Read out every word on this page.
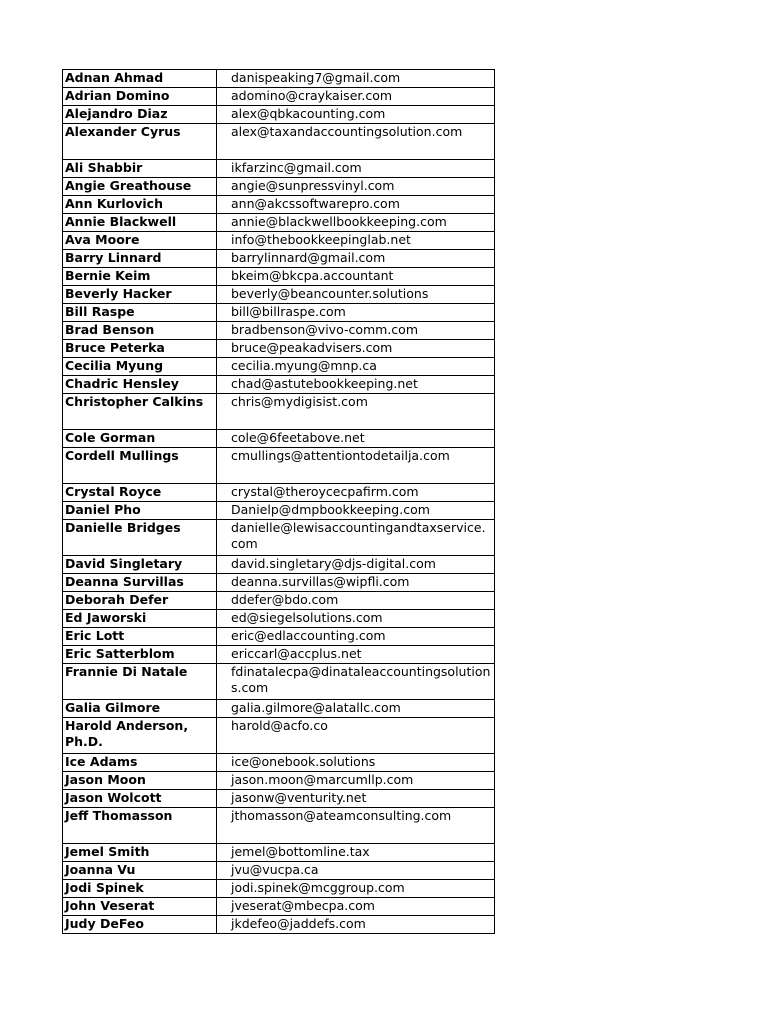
Adnan Ahmad	danispeaking7@gmail.com
Adrian Domino	adomino@craykaiser.com
Alejandro Diaz	alex@qbkacounting.com
Alexander Cyrus	alex@taxandaccountingsolution.com
Ali Shabbir	ikfarzinc@gmail.com
Angie Greathouse	angie@sunpressvinyl.com
Ann Kurlovich	ann@akcssoftwarepro.com
Annie Blackwell	annie@blackwellbookkeeping.com
Ava Moore	info@thebookkeepinglab.net
Barry Linnard	barrylinnard@gmail.com
Bernie Keim	bkeim@bkcpa.accountant
Beverly Hacker	beverly@beancounter.solutions
Bill Raspe	bill@billraspe.com
Brad Benson	bradbenson@vivo-comm.com
Bruce Peterka	bruce@peakadvisers.com
Cecilia Myung	cecilia.myung@mnp.ca
Chadric Hensley	chad@astutebookkeeping.net
Christopher Calkins	chris@mydigisist.com
Cole Gorman	cole@6feetabove.net
Cordell Mullings	cmullings@attentiontodetailja.com
Crystal Royce	crystal@theroycecpafirm.com
Daniel Pho	Danielp@dmpbookkeeping.com
Danielle Bridges	danielle@lewisaccountingandtaxservice.com
David Singletary	david.singletary@djs-digital.com
Deanna Survillas	deanna.survillas@wipfli.com
Deborah Defer	ddefer@bdo.com
Ed Jaworski	ed@siegelsolutions.com
Eric Lott	eric@edlaccounting.com
Eric Satterblom	ericcarl@accplus.net
Frannie Di Natale	fdinatalecpa@dinataleaccountingsolutions.com
Galia Gilmore	galia.gilmore@alatallc.com
Harold Anderson, Ph.D.	harold@acfo.co
Ice Adams	ice@onebook.solutions
Jason Moon	jason.moon@marcumllp.com
Jason Wolcott	jasonw@venturity.net
Jeff Thomasson	jthomasson@ateamconsulting.com
Jemel Smith	jemel@bottomline.tax
Joanna Vu	jvu@vucpa.ca
Jodi Spinek	jodi.spinek@mcggroup.com
John Veserat	jveserat@mbecpa.com
Judy DeFeo	jkdefeo@jaddefs.com
